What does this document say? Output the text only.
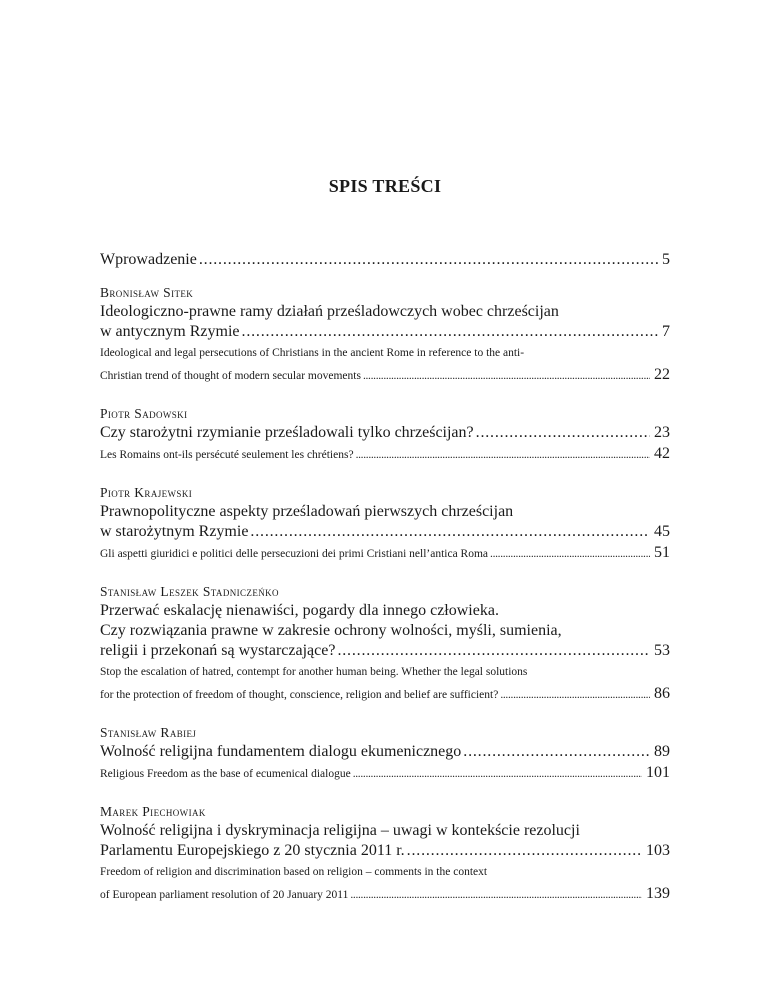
SPIS TREŚCI
Wprowadzenie . . .	5
Bronisław Sitek
Ideologiczno-prawne ramy działań prześladowczych wobec chrześcijan
w antycznym Rzymie . . .	7
Ideological and legal persecutions of Christians in the ancient Rome in reference to the anti-
Christian trend of thought of modern secular movements . . .	22
Piotr Sadowski
Czy starożytni rzymianie prześladowali tylko chrześcijan? . . .	23
Les Romains ont-ils persécuté seulement les chrétiens? . . .	42
Piotr Krajewski
Prawnopolityczne aspekty prześladowań pierwszych chrześcijan
w starożytnym Rzymie . . .	45
Gli aspetti giuridici e politici delle persecuzioni dei primi Cristiani nell’antica Roma . . .	51
Stanisław Leszek Stadniczeńko
Przerwać eskalację nienawiści, pogardy dla innego człowieka.
Czy rozwiązania prawne w zakresie ochrony wolności, myśli, sumienia,
religii i przekonań są wystarczające? . . .	53
Stop the escalation of hatred, contempt for another human being. Whether the legal solutions
for the protection of freedom of thought, conscience, religion and belief are sufficient? . . .	86
Stanisław Rabiej
Wolność religijna fundamentem dialogu ekumenicznego . . .	89
Religious Freedom as the base of ecumenical dialogue . . .	101
Marek Piechowiak
Wolność religijna i dyskryminacja religijna – uwagi w kontekście rezolucji
Parlamentu Europejskiego z 20 stycznia 2011 r. . . .	103
Freedom of religion and discrimination based on religion – comments in the context
of European parliament resolution of 20 January 2011 . . .	139
